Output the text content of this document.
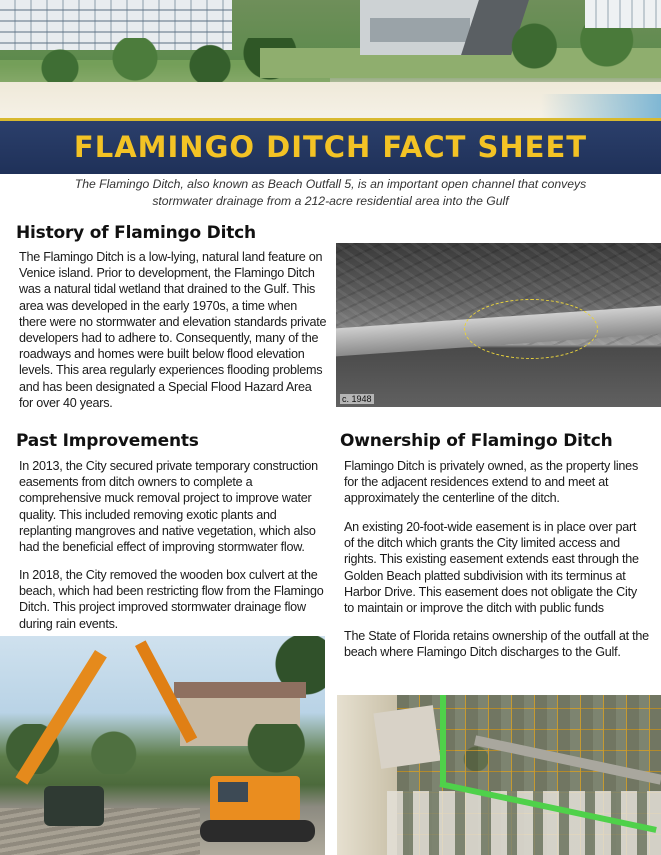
FLAMINGO DITCH FACT SHEET
The Flamingo Ditch, also known as Beach Outfall 5, is an important open channel that conveys stormwater drainage from a 212-acre residential area into the Gulf
History of Flamingo Ditch

The Flamingo Ditch is a low-lying, natural land feature on Venice island. Prior to development, the Flamingo Ditch was a natural tidal wetland that drained to the Gulf. This area was developed in the early 1970s, a time when there were no stormwater and elevation standards private developers had to adhere to. Consequently, many of the roadways and homes were built below flood elevation levels. This area regularly experiences flooding problems and has been designated a Special Flood Hazard Area for over 40 years.	c. 1948
Past Improvements

In 2013, the City secured private temporary construction easements from ditch owners to complete a comprehensive muck removal project to improve water quality. This included removing exotic plants and replanting mangroves and native vegetation, which also had the beneficial effect of improving stormwater flow.

In 2018, the City removed the wooden box culvert at the beach, which had been restricting flow from the Flamingo Ditch. This project improved stormwater drainage flow during rain events.

Ownership of Flamingo Ditch

Flamingo Ditch is privately owned, as the property lines for the adjacent residences extend to and meet at approximately the centerline of the ditch.

An existing 20-foot-wide easement is in place over part of the ditch which grants the City limited access and rights. This existing easement extends east through the Golden Beach platted subdivision with its terminus at Harbor Drive. This easement does not obligate the City to maintain or improve the ditch with public funds

The State of Florida retains ownership of the outfall at the beach where Flamingo Ditch discharges to the Gulf.
